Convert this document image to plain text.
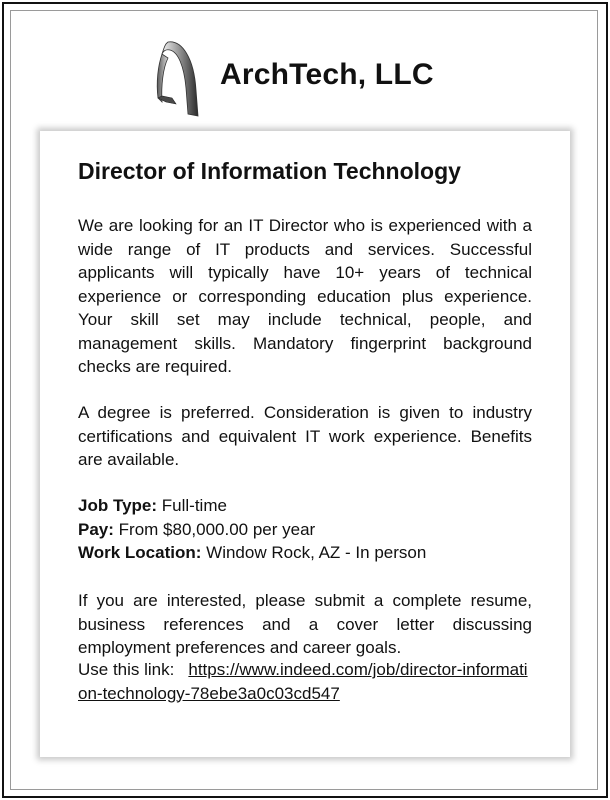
ArchTech, LLC
Director of Information Technology
We are looking for an IT Director who is experienced with a wide range of IT products and services. Successful applicants will typically have 10+ years of technical experience or corresponding education plus experience. Your skill set may include technical, people, and management skills. Mandatory fingerprint background checks are required.
A degree is preferred. Consideration is given to industry certifications and equivalent IT work experience. Benefits are available.
Job Type: Full-time
Pay: From $80,000.00 per year
Work Location: Window Rock, AZ - In person
If you are interested, please submit a complete resume, business references and a cover letter discussing employment preferences and career goals.
Use this link: https://www.indeed.com/job/director-information-technology-78ebe3a0c03cd547
